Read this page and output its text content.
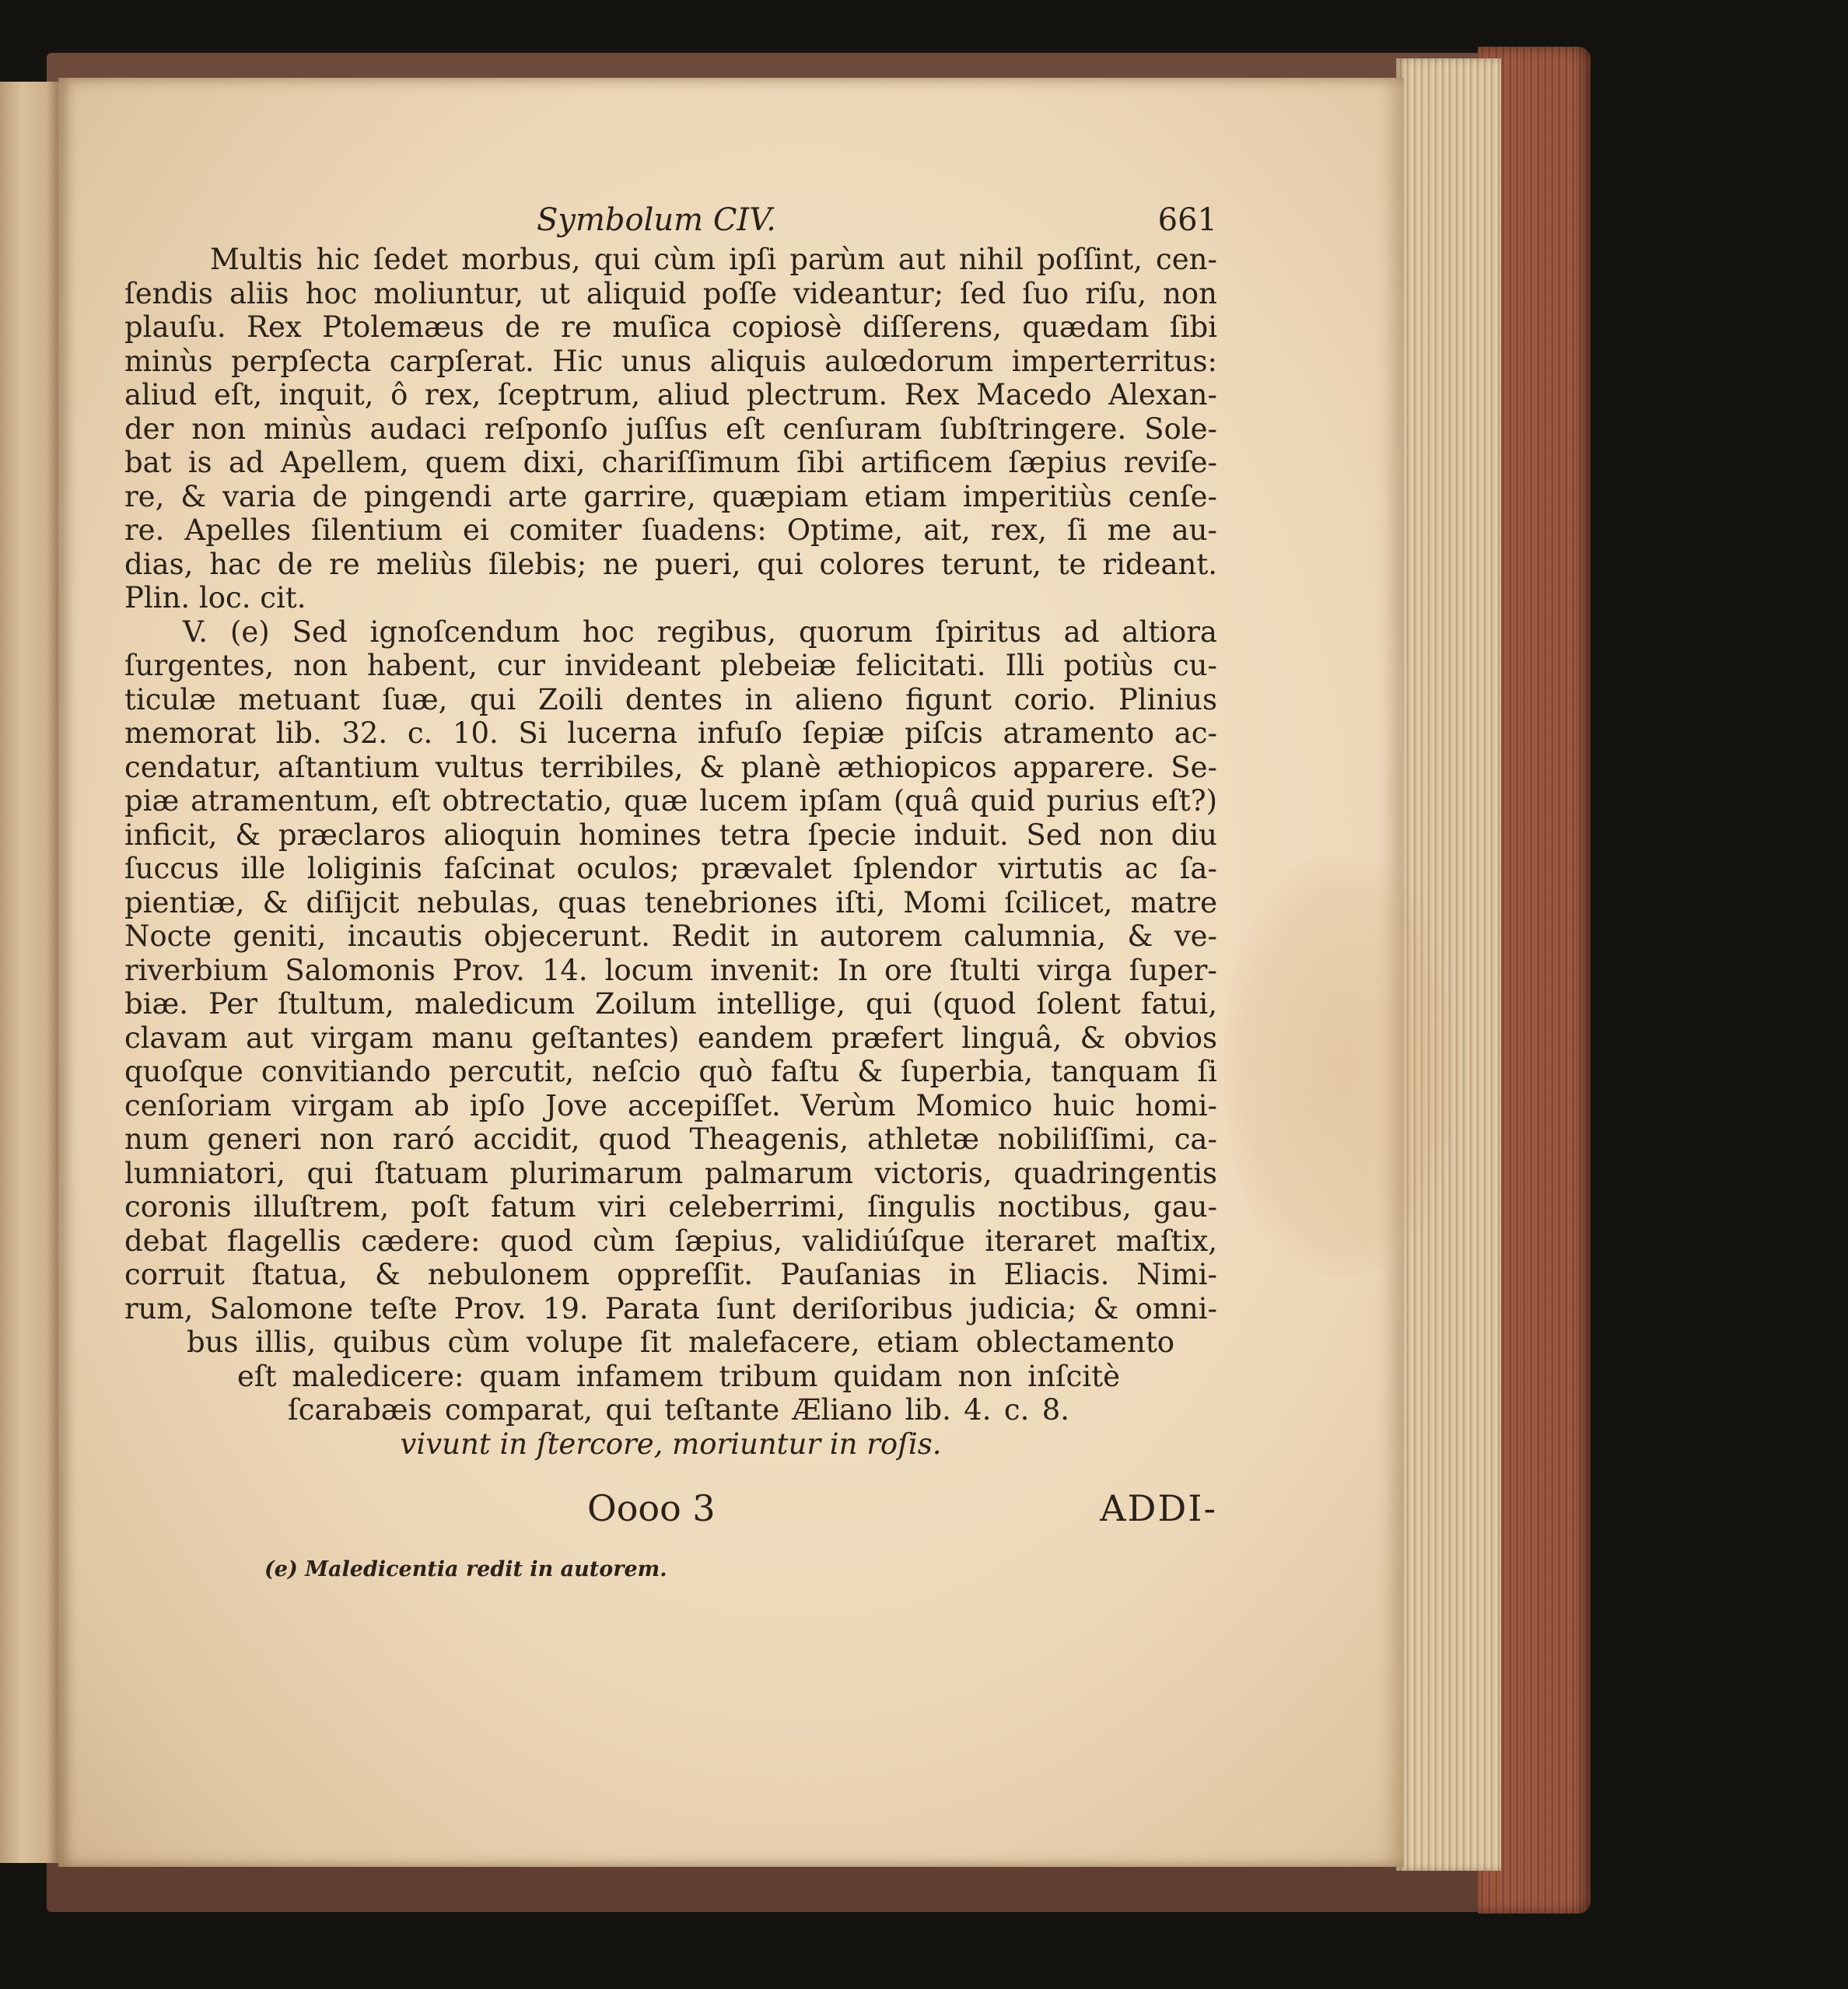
Symbolum CIV.	661
Multis hic ſedet morbus, qui cùm ipſi parùm aut nihil poſſint, cen-
ſendis aliis hoc moliuntur, ut aliquid poſſe videantur; ſed ſuo riſu, non
plauſu. Rex Ptolemæus de re muſica copiosè diſſerens, quædam ſibi
minùs perpſecta carpſerat. Hic unus aliquis aulœdorum imperterritus:
aliud eſt, inquit, ô rex, ſceptrum, aliud plectrum. Rex Macedo Alexan-
der non minùs audaci reſponſo juſſus eſt cenſuram ſubſtringere. Sole-
bat is ad Apellem, quem dixi, chariſſimum ſibi artificem ſæpius reviſe-
re, & varia de pingendi arte garrire, quæpiam etiam imperitiùs cenſe-
re. Apelles ſilentium ei comiter ſuadens: Optime, ait, rex, ſi me au-
dias, hac de re meliùs ſilebis; ne pueri, qui colores terunt, te rideant.
Plin. loc. cit.
V. (e) Sed ignoſcendum hoc regibus, quorum ſpiritus ad altiora
ſurgentes, non habent, cur invideant plebeiæ felicitati. Illi potiùs cu-
ticulæ metuant ſuæ, qui Zoili dentes in alieno figunt corio. Plinius
memorat lib. 32. c. 10. Si lucerna infuſo ſepiæ piſcis atramento ac-
cendatur, aſtantium vultus terribiles, & planè æthiopicos apparere. Se-
piæ atramentum, eſt obtrectatio, quæ lucem ipſam (quâ quid purius eſt?)
inficit, & præclaros alioquin homines tetra ſpecie induit. Sed non diu
ſuccus ille loliginis faſcinat oculos; prævalet ſplendor virtutis ac ſa-
pientiæ, & diſijcit nebulas, quas tenebriones iſti, Momi ſcilicet, matre
Nocte geniti, incautis objecerunt. Redit in autorem calumnia, & ve-
riverbium Salomonis Prov. 14. locum invenit: In ore ſtulti virga ſuper-
biæ. Per ſtultum, maledicum Zoilum intellige, qui (quod ſolent fatui,
clavam aut virgam manu geſtantes) eandem præfert linguâ, & obvios
quoſque convitiando percutit, neſcio quò faſtu & ſuperbia, tanquam ſi
cenſoriam virgam ab ipſo Jove accepiſſet. Verùm Momico huic homi-
num generi non raró accidit, quod Theagenis, athletæ nobiliſſimi, ca-
lumniatori, qui ſtatuam plurimarum palmarum victoris, quadringentis
coronis illuſtrem, poſt fatum viri celeberrimi, ſingulis noctibus, gau-
debat flagellis cædere: quod cùm ſæpius, validiúſque iteraret maſtix,
corruit ſtatua, & nebulonem oppreſſit. Pauſanias in Eliacis. Nimi-
rum, Salomone teſte Prov. 19. Parata ſunt deriſoribus judicia; & omni-
bus illis, quibus cùm volupe ſit malefacere, etiam oblectamento
eſt maledicere: quam infamem tribum quidam non inſcitè
ſcarabæis comparat, qui teſtante Æliano lib. 4. c. 8.
vivunt in ſtercore, moriuntur in roſis.
Oooo 3	ADDI-
(e) Maledicentia redit in autorem.
